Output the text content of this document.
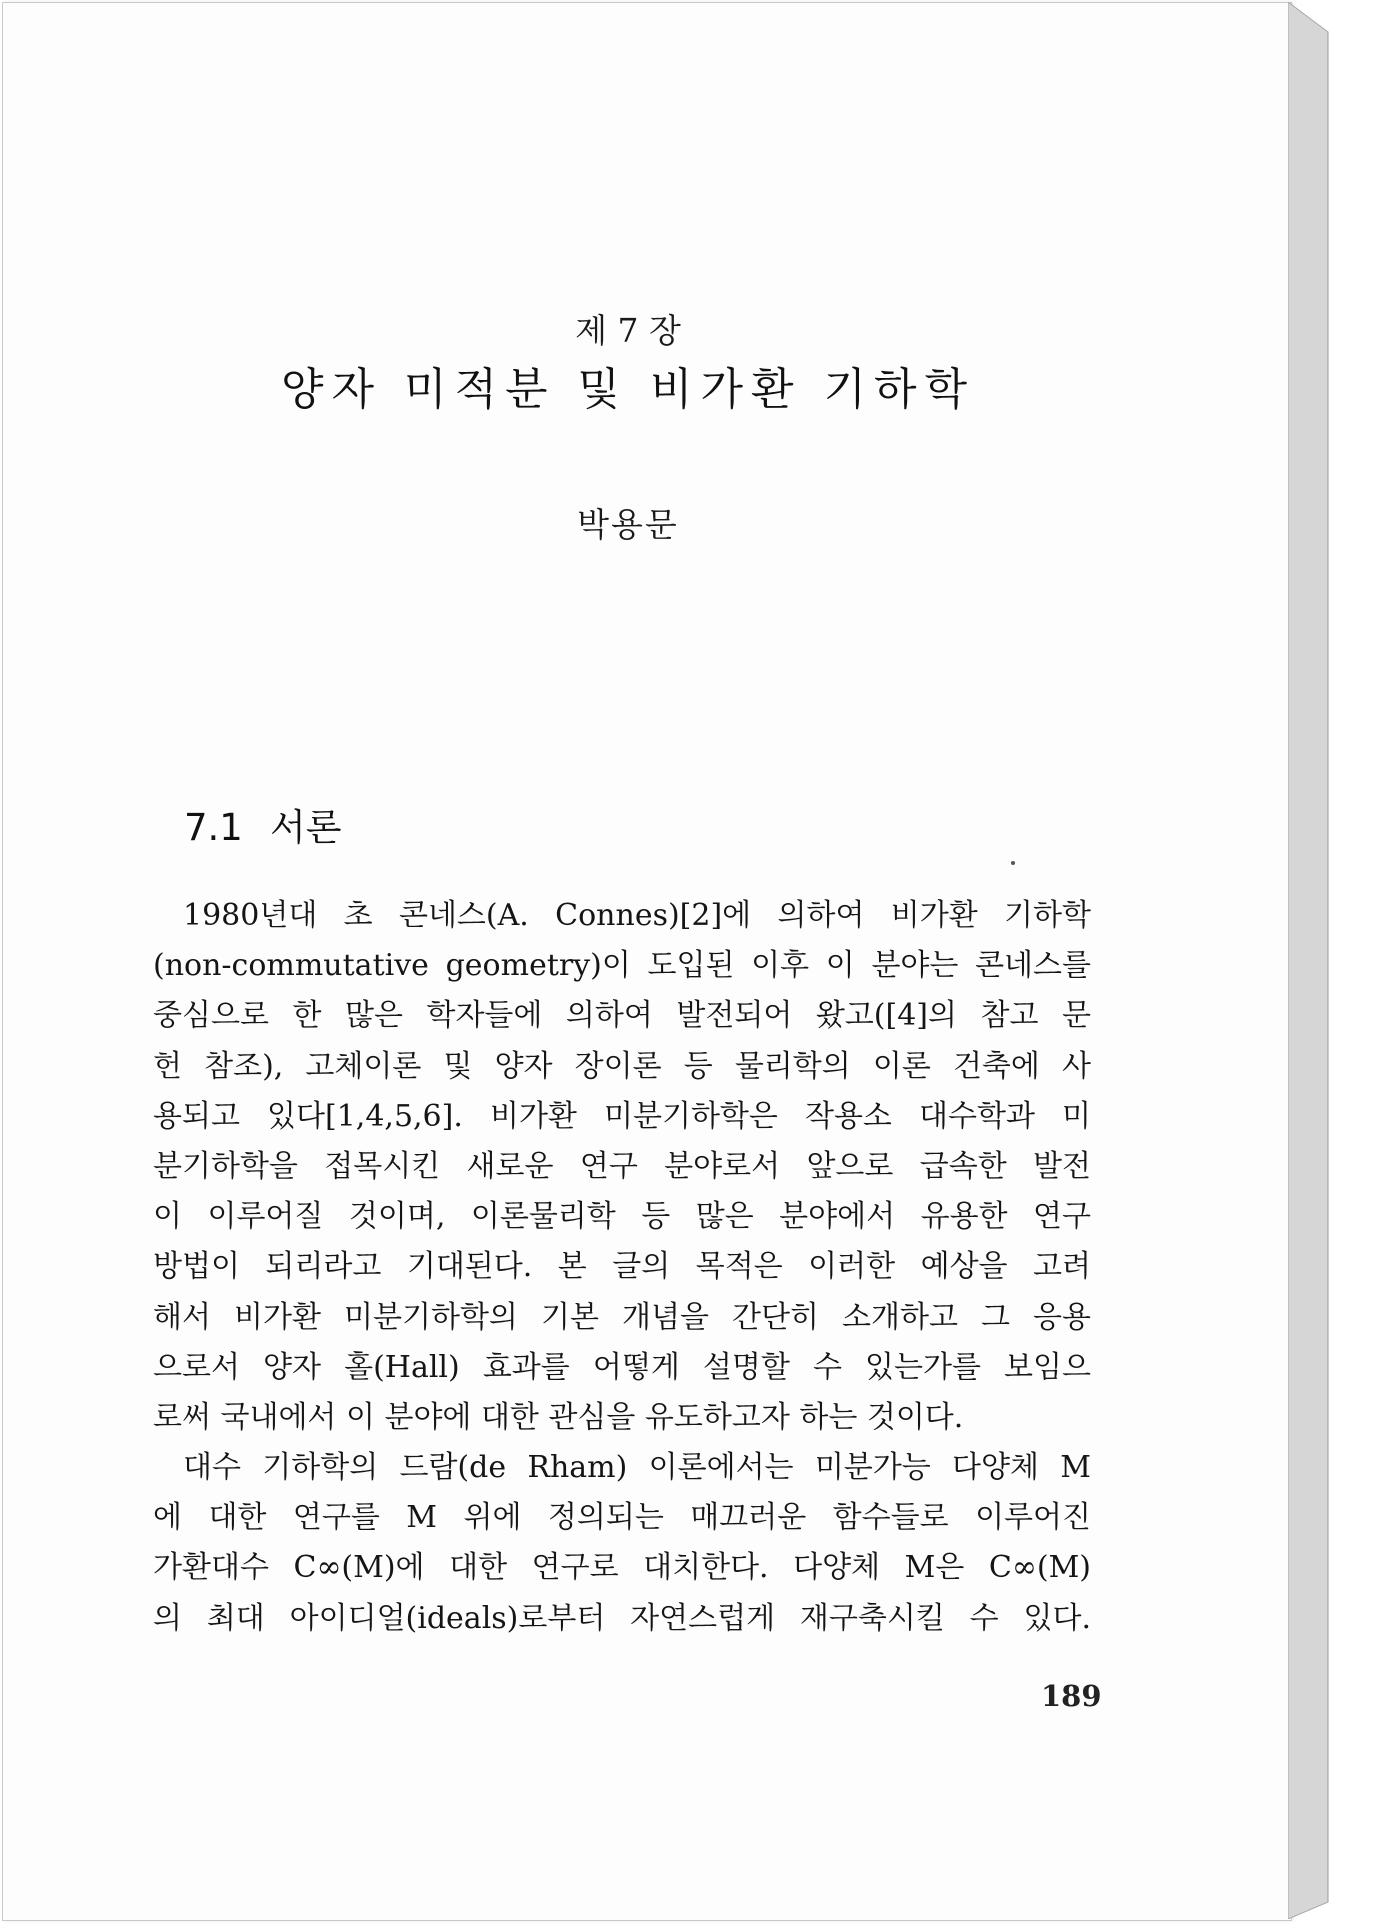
제 7 장
양자 미적분 및 비가환 기하학
박용문
7.1 서론
1980년대 초 콘네스(A. Connes)[2]에 의하여 비가환 기하학
(non-commutative geometry)이 도입된 이후 이 분야는 콘네스를
중심으로 한 많은 학자들에 의하여 발전되어 왔고([4]의 참고 문
헌 참조), 고체이론 및 양자 장이론 등 물리학의 이론 건축에 사
용되고 있다[1,4,5,6]. 비가환 미분기하학은 작용소 대수학과 미
분기하학을 접목시킨 새로운 연구 분야로서 앞으로 급속한 발전
이 이루어질 것이며, 이론물리학 등 많은 분야에서 유용한 연구
방법이 되리라고 기대된다. 본 글의 목적은 이러한 예상을 고려
해서 비가환 미분기하학의 기본 개념을 간단히 소개하고 그 응용
으로서 양자 홀(Hall) 효과를 어떻게 설명할 수 있는가를 보임으
로써 국내에서 이 분야에 대한 관심을 유도하고자 하는 것이다.
대수 기하학의 드람(de Rham) 이론에서는 미분가능 다양체 M
에 대한 연구를 M 위에 정의되는 매끄러운 함수들로 이루어진
가환대수 C∞(M)에 대한 연구로 대치한다. 다양체 M은 C∞(M)
의 최대 아이디얼(ideals)로부터 자연스럽게 재구축시킬 수 있다.
189
